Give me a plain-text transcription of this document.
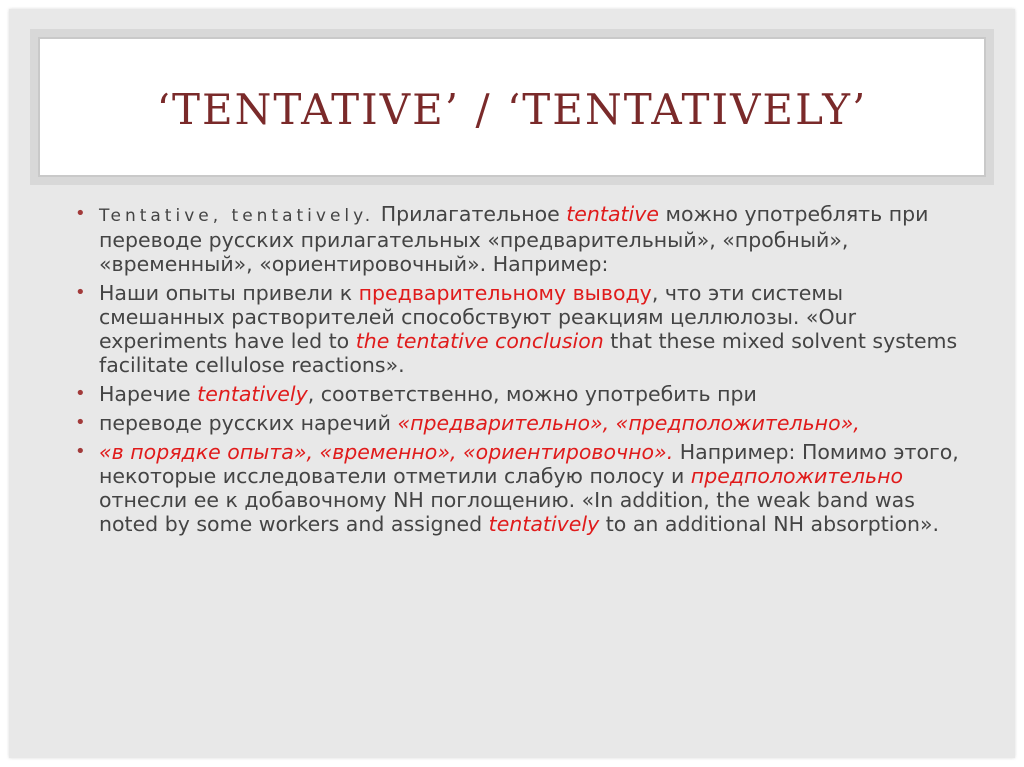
‘TENTATIVE’ / ‘TENTATIVELY’
• Tentative, tentatively. Прилагательное tentative можно употреблять при переводе русских прилагательных «предварительный», «пробный», «временный», «ориентировочный». Например:
• Наши опыты привели к предварительному выводу, что эти системы смешанных растворителей способствуют реакциям целлюлозы. «Our experiments have led to the tentative conclusion that these mixed solvent systems facilitate cellulose reactions».
• Наречие tentatively, соответственно, можно употребить при
• переводе русских наречий «предварительно», «предположительно»,
• «в порядке опыта», «временно», «ориентировочно». Например: Помимо этого, некоторые исследователи отметили слабую полосу и предположительно отнесли ее к добавочному NH поглощению. «In addition, the weak band was noted by some workers and assigned tentatively to an additional NH absorption».
